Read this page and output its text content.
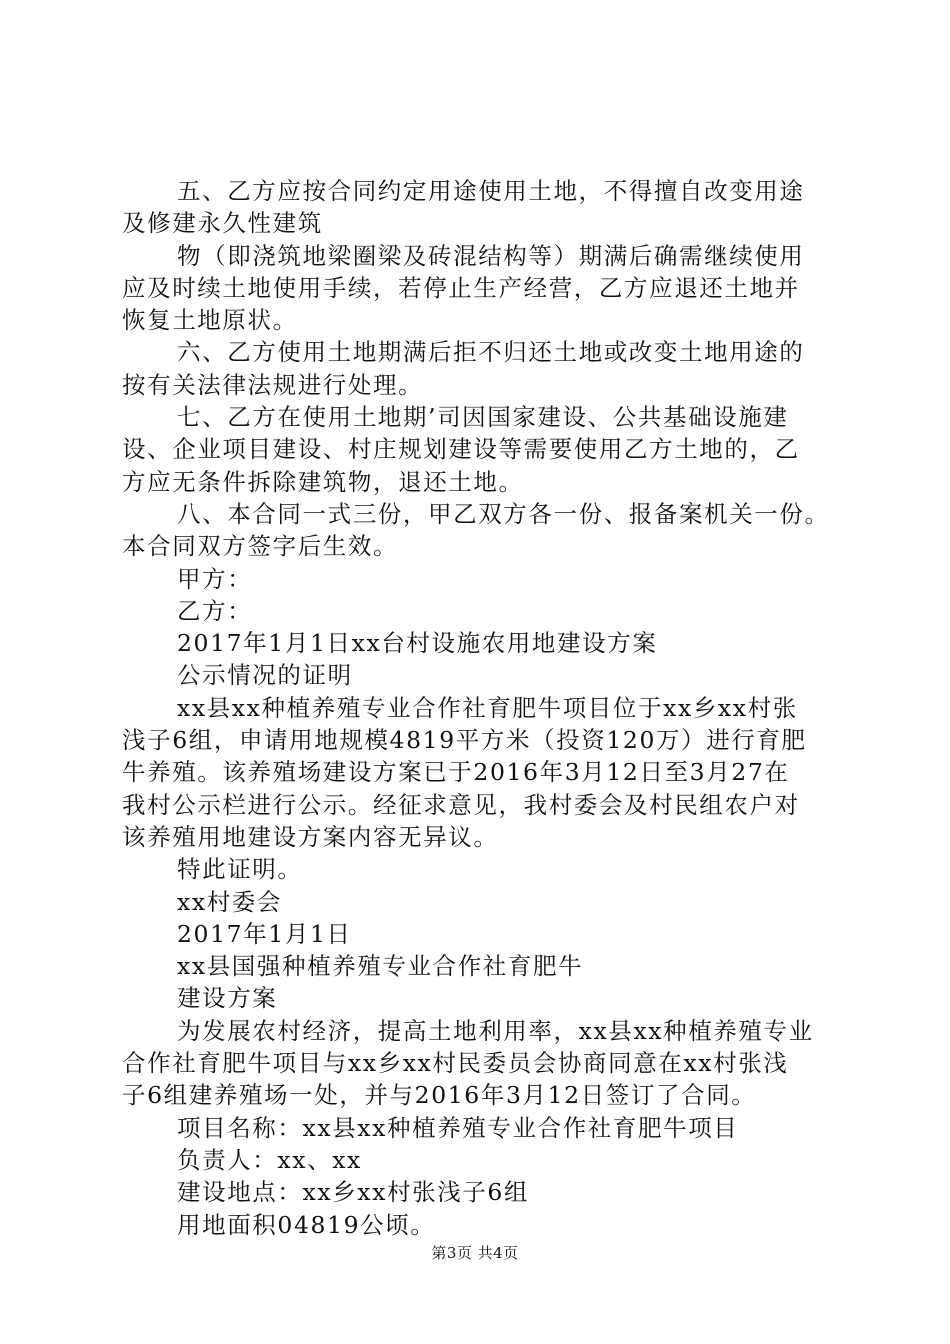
五、乙方应按合同约定用途使用土地，不得擅自改变用途
及修建永久性建筑
物（即浇筑地梁圈梁及砖混结构等）期满后确需继续使用
应及时续土地使用手续，若停止生产经营，乙方应退还土地并
恢复土地原状。
六、乙方使用土地期满后拒不归还土地或改变土地用途的
按有关法律法规进行处理。
七、乙方在使用土地期’司因国家建设、公共基础设施建
设、企业项目建设、村庄规划建设等需要使用乙方土地的，乙
方应无条件拆除建筑物，退还土地。
八、本合同一式三份，甲乙双方各一份、报备案机关一份。
本合同双方签字后生效。
甲方：
乙方：
2017年1月1日xx台村设施农用地建设方案
公示情况的证明
xx县xx种植养殖专业合作社育肥牛项目位于xx乡xx村张
浅子6组，申请用地规模4819平方米（投资120万）进行育肥
牛养殖。该养殖场建设方案已于2016年3月12日至3月27在
我村公示栏进行公示。经征求意见，我村委会及村民组农户对
该养殖用地建设方案内容无异议。
特此证明。
xx村委会
2017年1月1日
xx县国强种植养殖专业合作社育肥牛
建设方案
为发展农村经济，提高土地利用率，xx县xx种植养殖专业
合作社育肥牛项目与xx乡xx村民委员会协商同意在xx村张浅
子6组建养殖场一处，并与2016年3月12日签订了合同。
项目名称：xx县xx种植养殖专业合作社育肥牛项目
负责人：xx、xx
建设地点：xx乡xx村张浅子6组
用地面积04819公顷。
第3页 共4页
